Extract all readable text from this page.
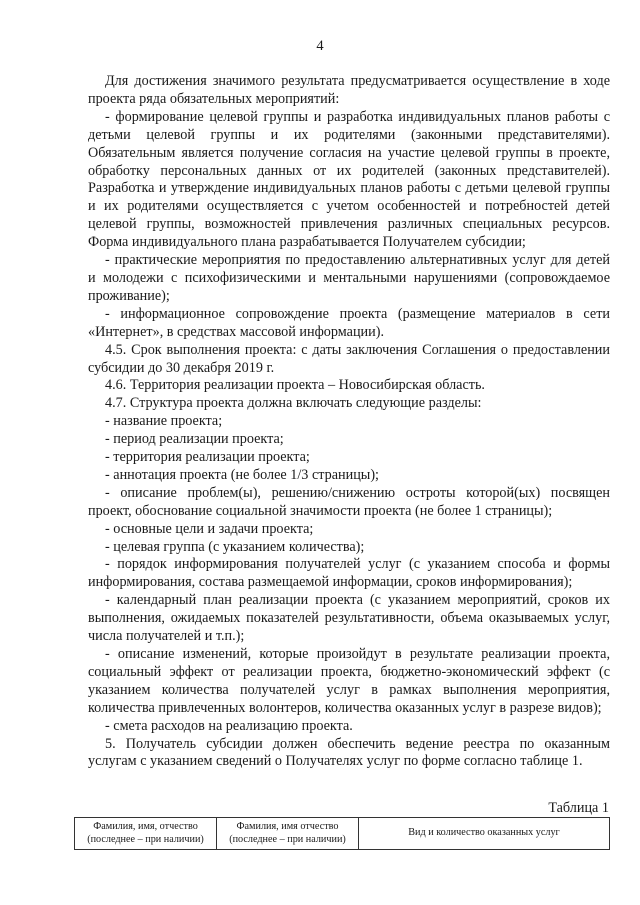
4

Для достижения значимого результата предусматривается осуществление в ходе проекта ряда обязательных мероприятий:

- формирование целевой группы и разработка индивидуальных планов работы с детьми целевой группы и их родителями (законными представителями). Обязательным является получение согласия на участие целевой группы в проекте, обработку персональных данных от их родителей (законных представителей). Разработка и утверждение индивидуальных планов работы с детьми целевой группы и их родителями осуществляется с учетом особенностей и потребностей детей целевой группы, возможностей привлечения различных специальных ресурсов. Форма индивидуального плана разрабатывается Получателем субсидии;

- практические мероприятия по предоставлению альтернативных услуг для детей и молодежи с психофизическими и ментальными нарушениями (сопровождаемое проживание);

- информационное сопровождение проекта (размещение материалов в сети «Интернет», в средствах массовой информации).

4.5. Срок выполнения проекта: с даты заключения Соглашения о предоставлении субсидии до 30 декабря 2019 г.

4.6. Территория реализации проекта – Новосибирская область.

4.7. Структура проекта должна включать следующие разделы:

- название проекта;

- период реализации проекта;

- территория реализации проекта;

- аннотация проекта (не более 1/3 страницы);

- описание проблем(ы), решению/снижению остроты которой(ых) посвящен проект, обоснование социальной значимости проекта (не более 1 страницы);

- основные цели и задачи проекта;

- целевая группа (с указанием количества);

- порядок информирования получателей услуг (с указанием способа и формы информирования, состава размещаемой информации, сроков информирования);

- календарный план реализации проекта (с указанием мероприятий, сроков их выполнения, ожидаемых показателей результативности, объема оказываемых услуг, числа получателей и т.п.);

- описание изменений, которые произойдут в результате реализации проекта, социальный эффект от реализации проекта, бюджетно-экономический эффект (с указанием количества получателей услуг в рамках выполнения мероприятия, количества привлеченных волонтеров, количества оказанных услуг в разрезе видов);

- смета расходов на реализацию проекта.

5. Получатель субсидии должен обеспечить ведение реестра по оказанным услугам с указанием сведений о Получателях услуг по форме согласно таблице 1.

Таблица 1
Фамилия, имя, отчество (последнее – при наличии)	Фамилия, имя отчество (последнее – при наличии)	Вид и количество оказанных услуг
